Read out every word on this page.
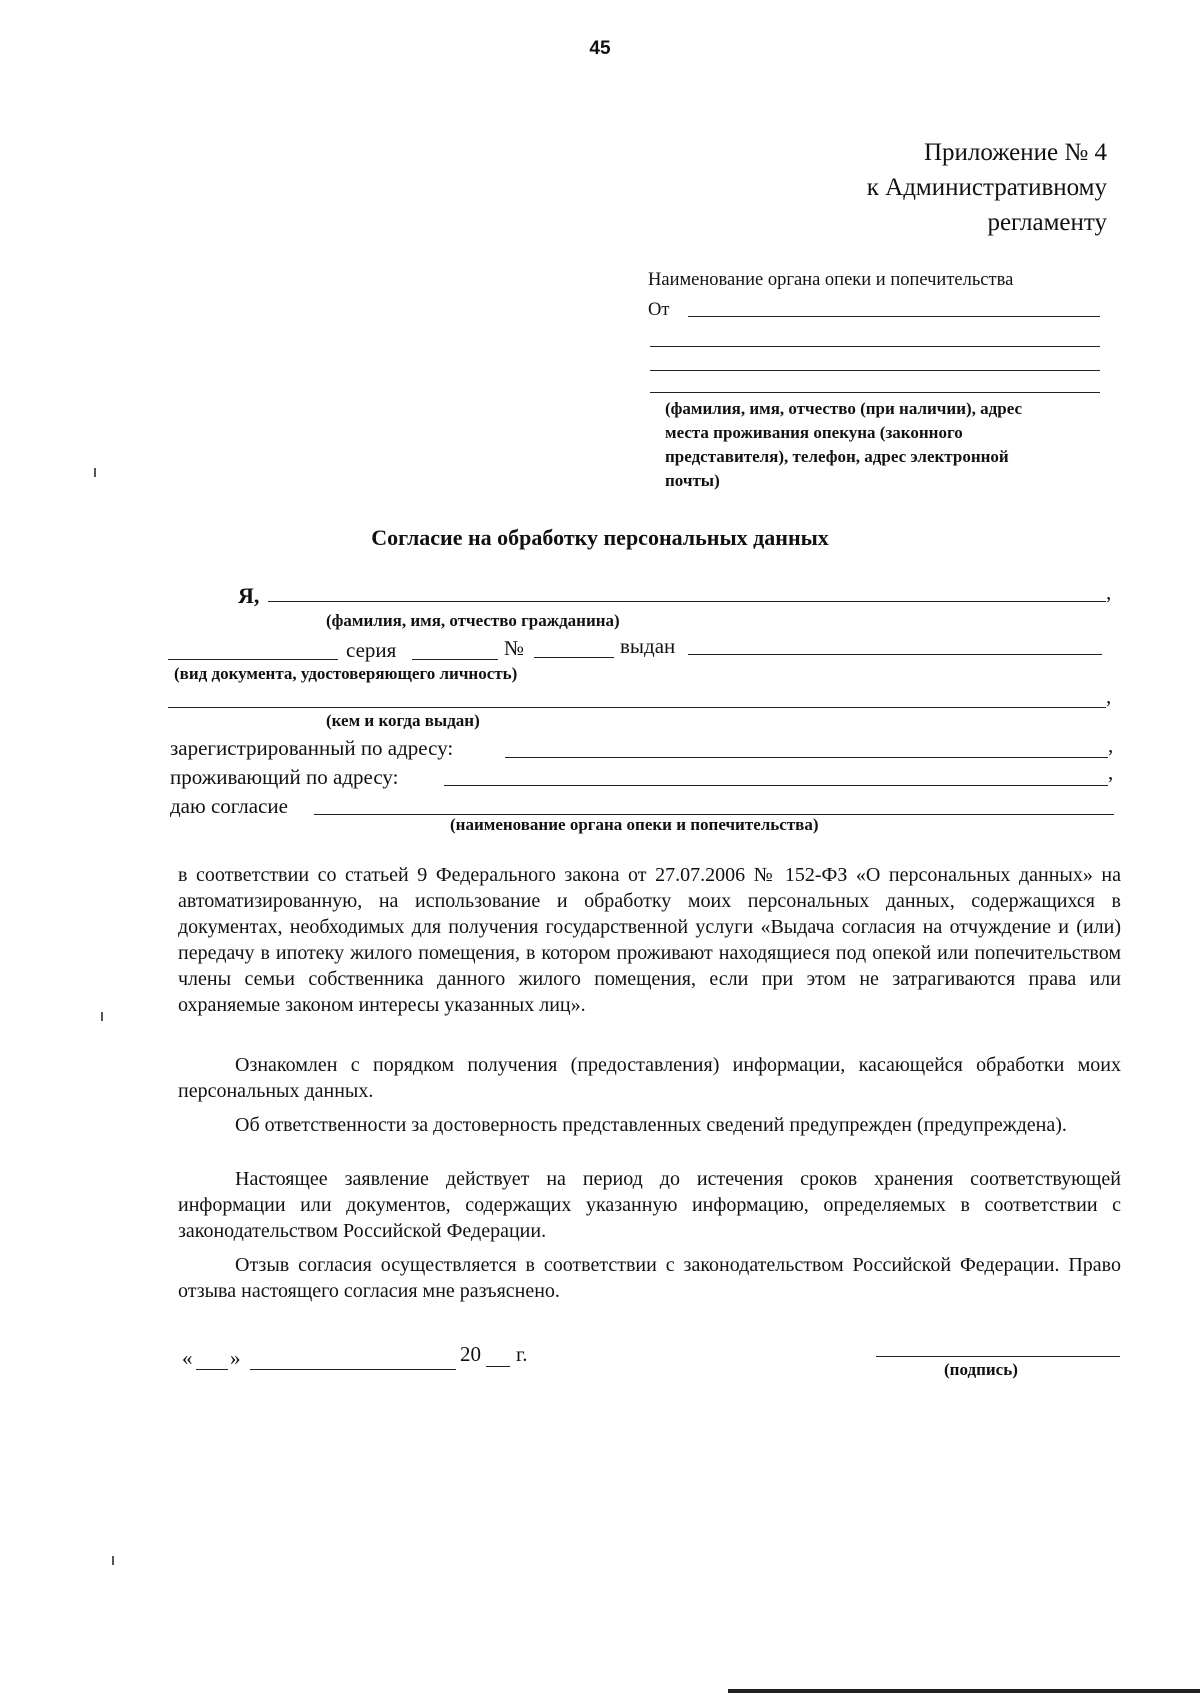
45
Приложение № 4
к Административному
регламенту
Наименование органа опеки и попечительства
От
(фамилия, имя, отчество (при наличии), адрес
места проживания опекуна (законного
представителя), телефон, адрес электронной
почты)
Согласие на обработку персональных данных
Я,	,
(фамилия, имя, отчество гражданина)
серия	№	выдан
(вид документа, удостоверяющего личность)
,
(кем и когда выдан)
зарегистрированный по адресу:	,
проживающий по адресу:	,
даю согласие
(наименование органа опеки и попечительства)
в соответствии со статьей 9 Федерального закона от 27.07.2006 № 152-ФЗ «О персональных данных» на автоматизированную, на использование и обработку моих персональных данных, содержащихся в документах, необходимых для получения государственной услуги «Выдача согласия на отчуждение и (или) передачу в ипотеку жилого помещения, в котором проживают находящиеся под опекой или попечительством члены семьи собственника данного жилого помещения, если при этом не затрагиваются права или охраняемые законом интересы указанных лиц».
Ознакомлен с порядком получения (предоставления) информации, касающейся обработки моих персональных данных.
Об ответственности за достоверность представленных сведений предупрежден (предупреждена).
Настоящее заявление действует на период до истечения сроков хранения соответствующей информации или документов, содержащих указанную информацию, определяемых в соответствии с законодательством Российской Федерации.
Отзыв согласия осуществляется в соответствии с законодательством Российской Федерации. Право отзыва настоящего согласия мне разъяснено.
« »	20 г.
(подпись)
